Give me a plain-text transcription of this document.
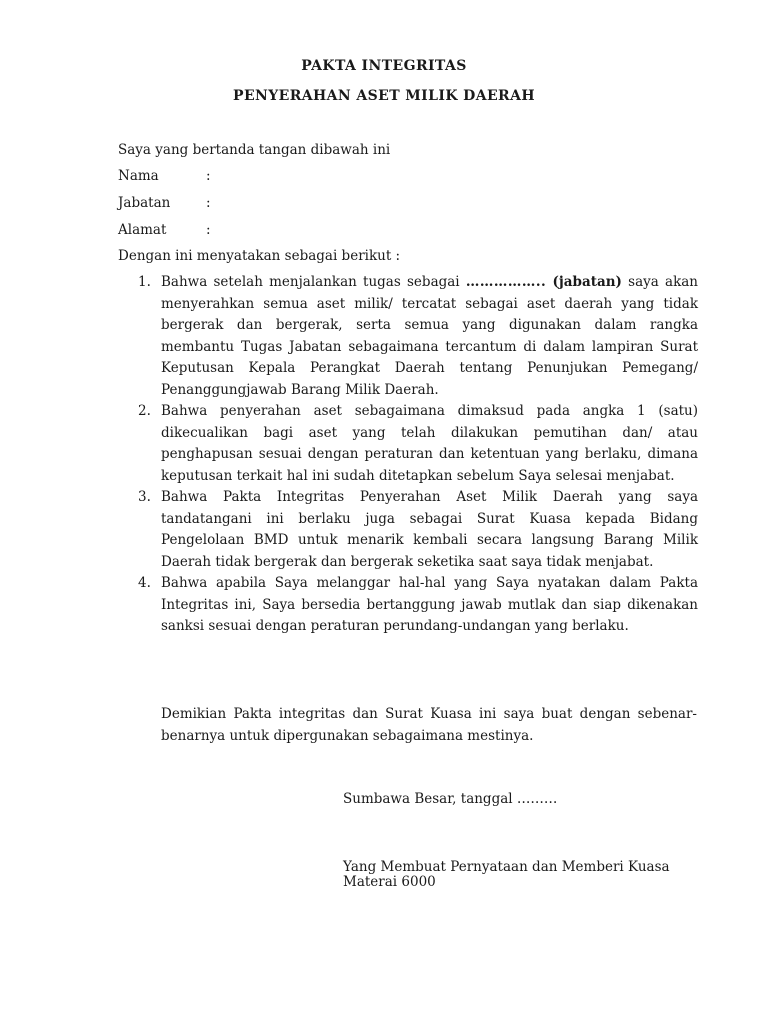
PAKTA INTEGRITAS
PENYERAHAN ASET MILIK DAERAH
Saya yang bertanda tangan dibawah ini
Nama	:
Jabatan	:
Alamat	:
Dengan ini menyatakan sebagai berikut :
1. Bahwa setelah menjalankan tugas sebagai …………….. (jabatan) saya akan menyerahkan semua aset milik/ tercatat sebagai aset daerah yang tidak bergerak dan bergerak, serta semua yang digunakan dalam rangka membantu Tugas Jabatan sebagaimana tercantum di dalam lampiran Surat Keputusan Kepala Perangkat Daerah tentang Penunjukan Pemegang/ Penanggungjawab Barang Milik Daerah.
2. Bahwa penyerahan aset sebagaimana dimaksud pada angka 1 (satu) dikecualikan bagi aset yang telah dilakukan pemutihan dan/ atau penghapusan sesuai dengan peraturan dan ketentuan yang berlaku, dimana keputusan terkait hal ini sudah ditetapkan sebelum Saya selesai menjabat.
3. Bahwa Pakta Integritas Penyerahan Aset Milik Daerah yang saya tandatangani ini berlaku juga sebagai Surat Kuasa kepada Bidang Pengelolaan BMD untuk menarik kembali secara langsung Barang Milik Daerah tidak bergerak dan bergerak seketika saat saya tidak menjabat.
4. Bahwa apabila Saya melanggar hal-hal yang Saya nyatakan dalam Pakta Integritas ini, Saya bersedia bertanggung jawab mutlak dan siap dikenakan sanksi sesuai dengan peraturan perundang-undangan yang berlaku.
Demikian Pakta integritas dan Surat Kuasa ini saya buat dengan sebenar-benarnya untuk dipergunakan sebagaimana mestinya.
Sumbawa Besar, tanggal ………
Yang Membuat Pernyataan dan Memberi Kuasa
Materai 6000
